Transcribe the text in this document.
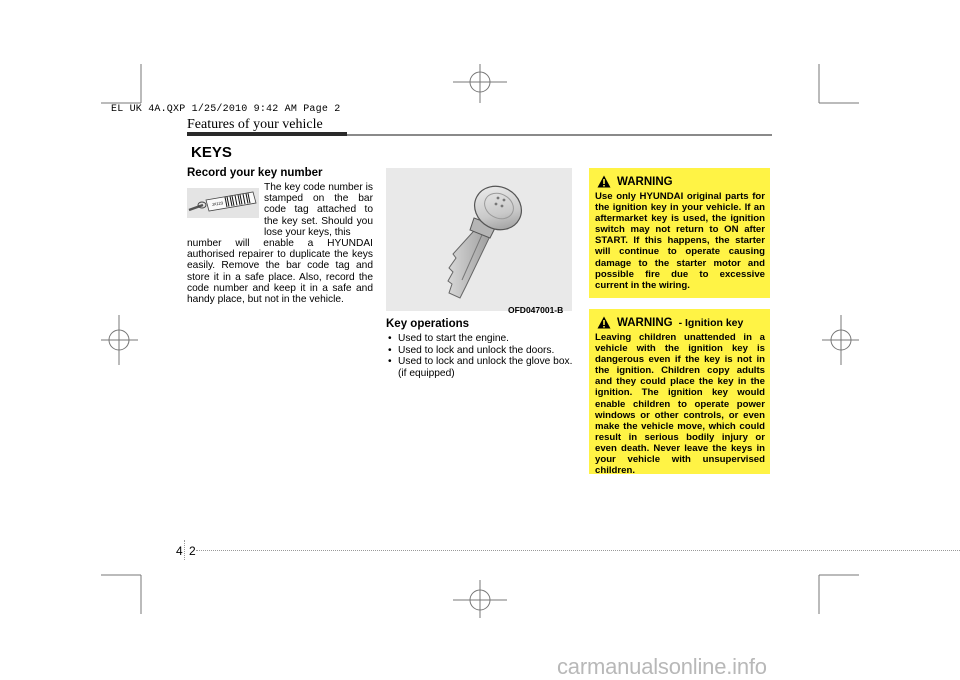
EL UK 4A.QXP 1/25/2010 9:42 AM Page 2
Features of your vehicle
KEYS
Record your key number
JX123
The key code number is stamped on the bar code tag attached to the key set. Should you lose your keys, this
number will enable a HYUNDAI authorised repairer to duplicate the keys easily. Remove the bar code tag and store it in a safe place. Also, record the code number and keep it in a safe and handy place, but not in the vehicle.
OFD047001-B
Key operations
• Used to start the engine.
• Used to lock and unlock the doors.
• Used to lock and unlock the glove box. (if equipped)
WARNING
Use only HYUNDAI original parts for the ignition key in your vehicle. If an aftermarket key is used, the ignition switch may not return to ON after START. If this happens, the starter will continue to operate causing damage to the starter motor and possible fire due to excessive current in the wiring.
WARNING - Ignition key
Leaving children unattended in a vehicle with the ignition key is dangerous even if the key is not in the ignition. Children copy adults and they could place the key in the ignition. The ignition key would enable children to operate power windows or other controls, or even make the vehicle move, which could result in serious bodily injury or even death. Never leave the keys in your vehicle with unsupervised children.
4 2
carmanualsonline.info
